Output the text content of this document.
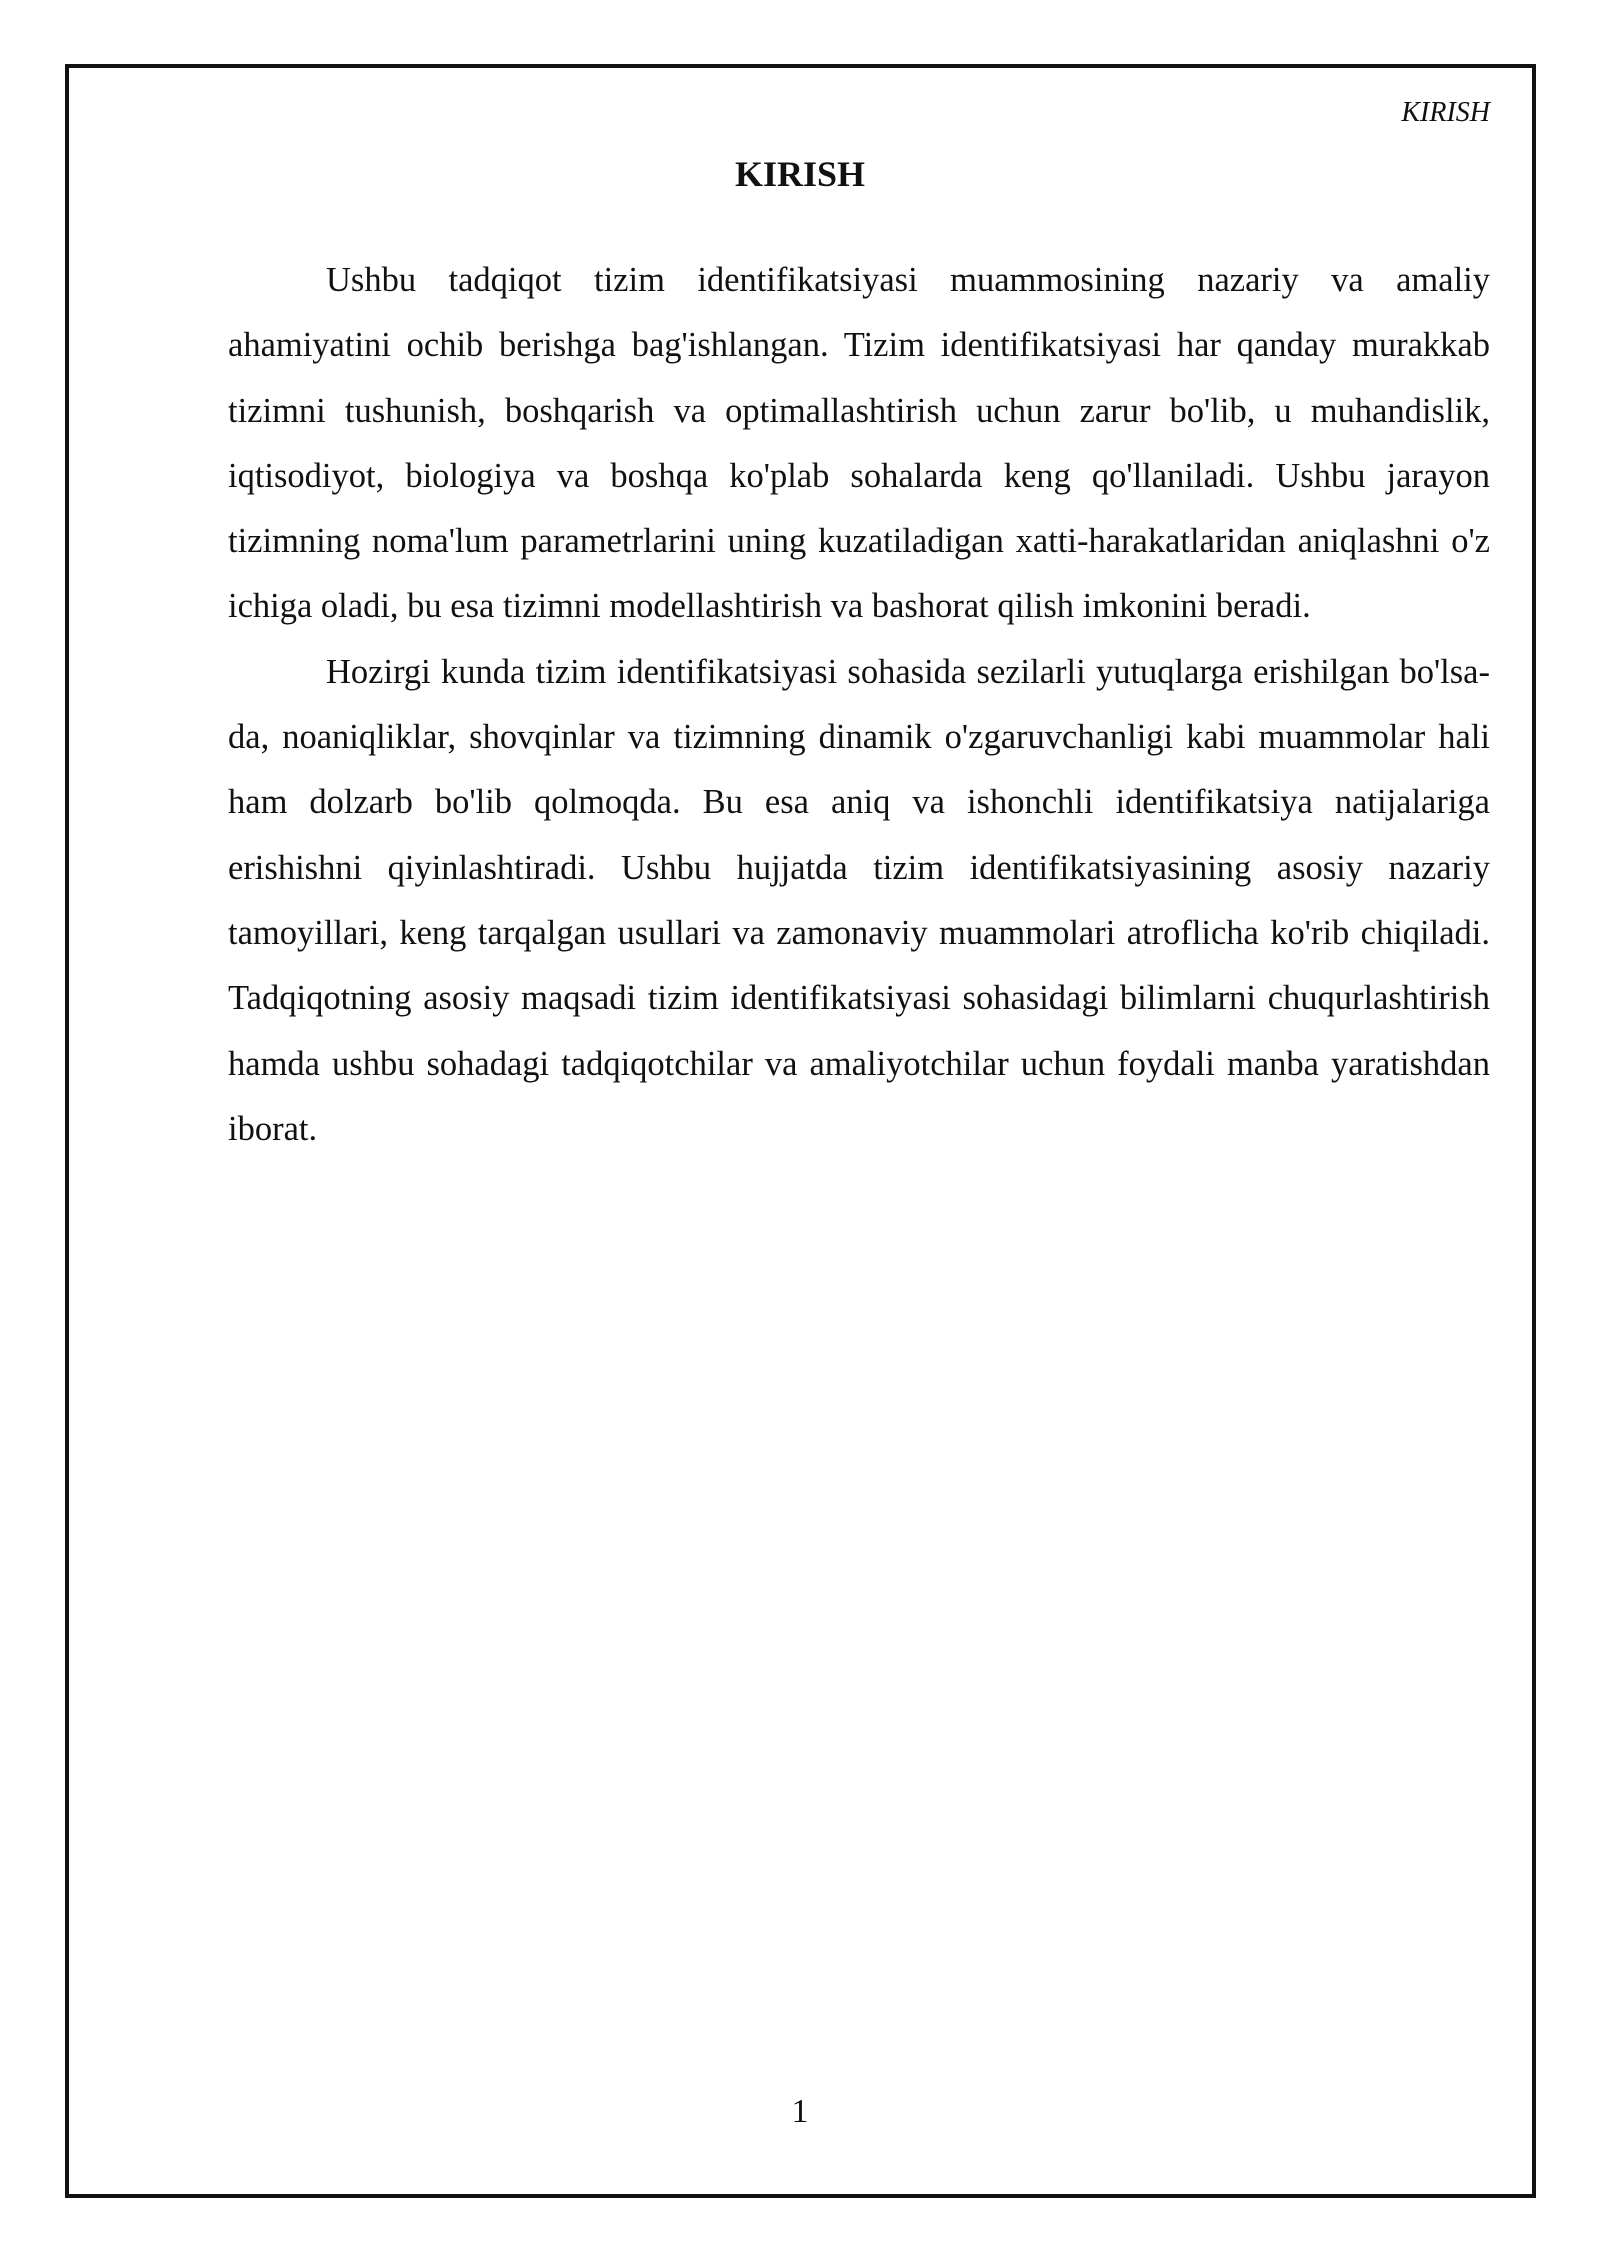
KIRISH

KIRISH

Ushbu tadqiqot tizim identifikatsiyasi muammosining nazariy va amaliy ahamiyatini ochib berishga bag'ishlangan. Tizim identifikatsiyasi har qanday murakkab tizimni tushunish, boshqarish va optimallashtirish uchun zarur bo'lib, u muhandislik, iqtisodiyot, biologiya va boshqa ko'plab sohalarda keng qo'llaniladi. Ushbu jarayon tizimning noma'lum parametrlarini uning kuzatiladigan xatti-harakatlaridan aniqlashni o'z ichiga oladi, bu esa tizimni modellashtirish va bashorat qilish imkonini beradi.

Hozirgi kunda tizim identifikatsiyasi sohasida sezilarli yutuqlarga erishilgan bo'lsa-da, noaniqliklar, shovqinlar va tizimning dinamik o'zgaruvchanligi kabi muammolar hali ham dolzarb bo'lib qolmoqda. Bu esa aniq va ishonchli identifikatsiya natijalariga erishishni qiyinlashtiradi. Ushbu hujjatda tizim identifikatsiyasining asosiy nazariy tamoyillari, keng tarqalgan usullari va zamonaviy muammolari atroflicha ko'rib chiqiladi. Tadqiqotning asosiy maqsadi tizim identifikatsiyasi sohasidagi bilimlarni chuqurlashtirish hamda ushbu sohadagi tadqiqotchilar va amaliyotchilar uchun foydali manba yaratishdan iborat.

1
